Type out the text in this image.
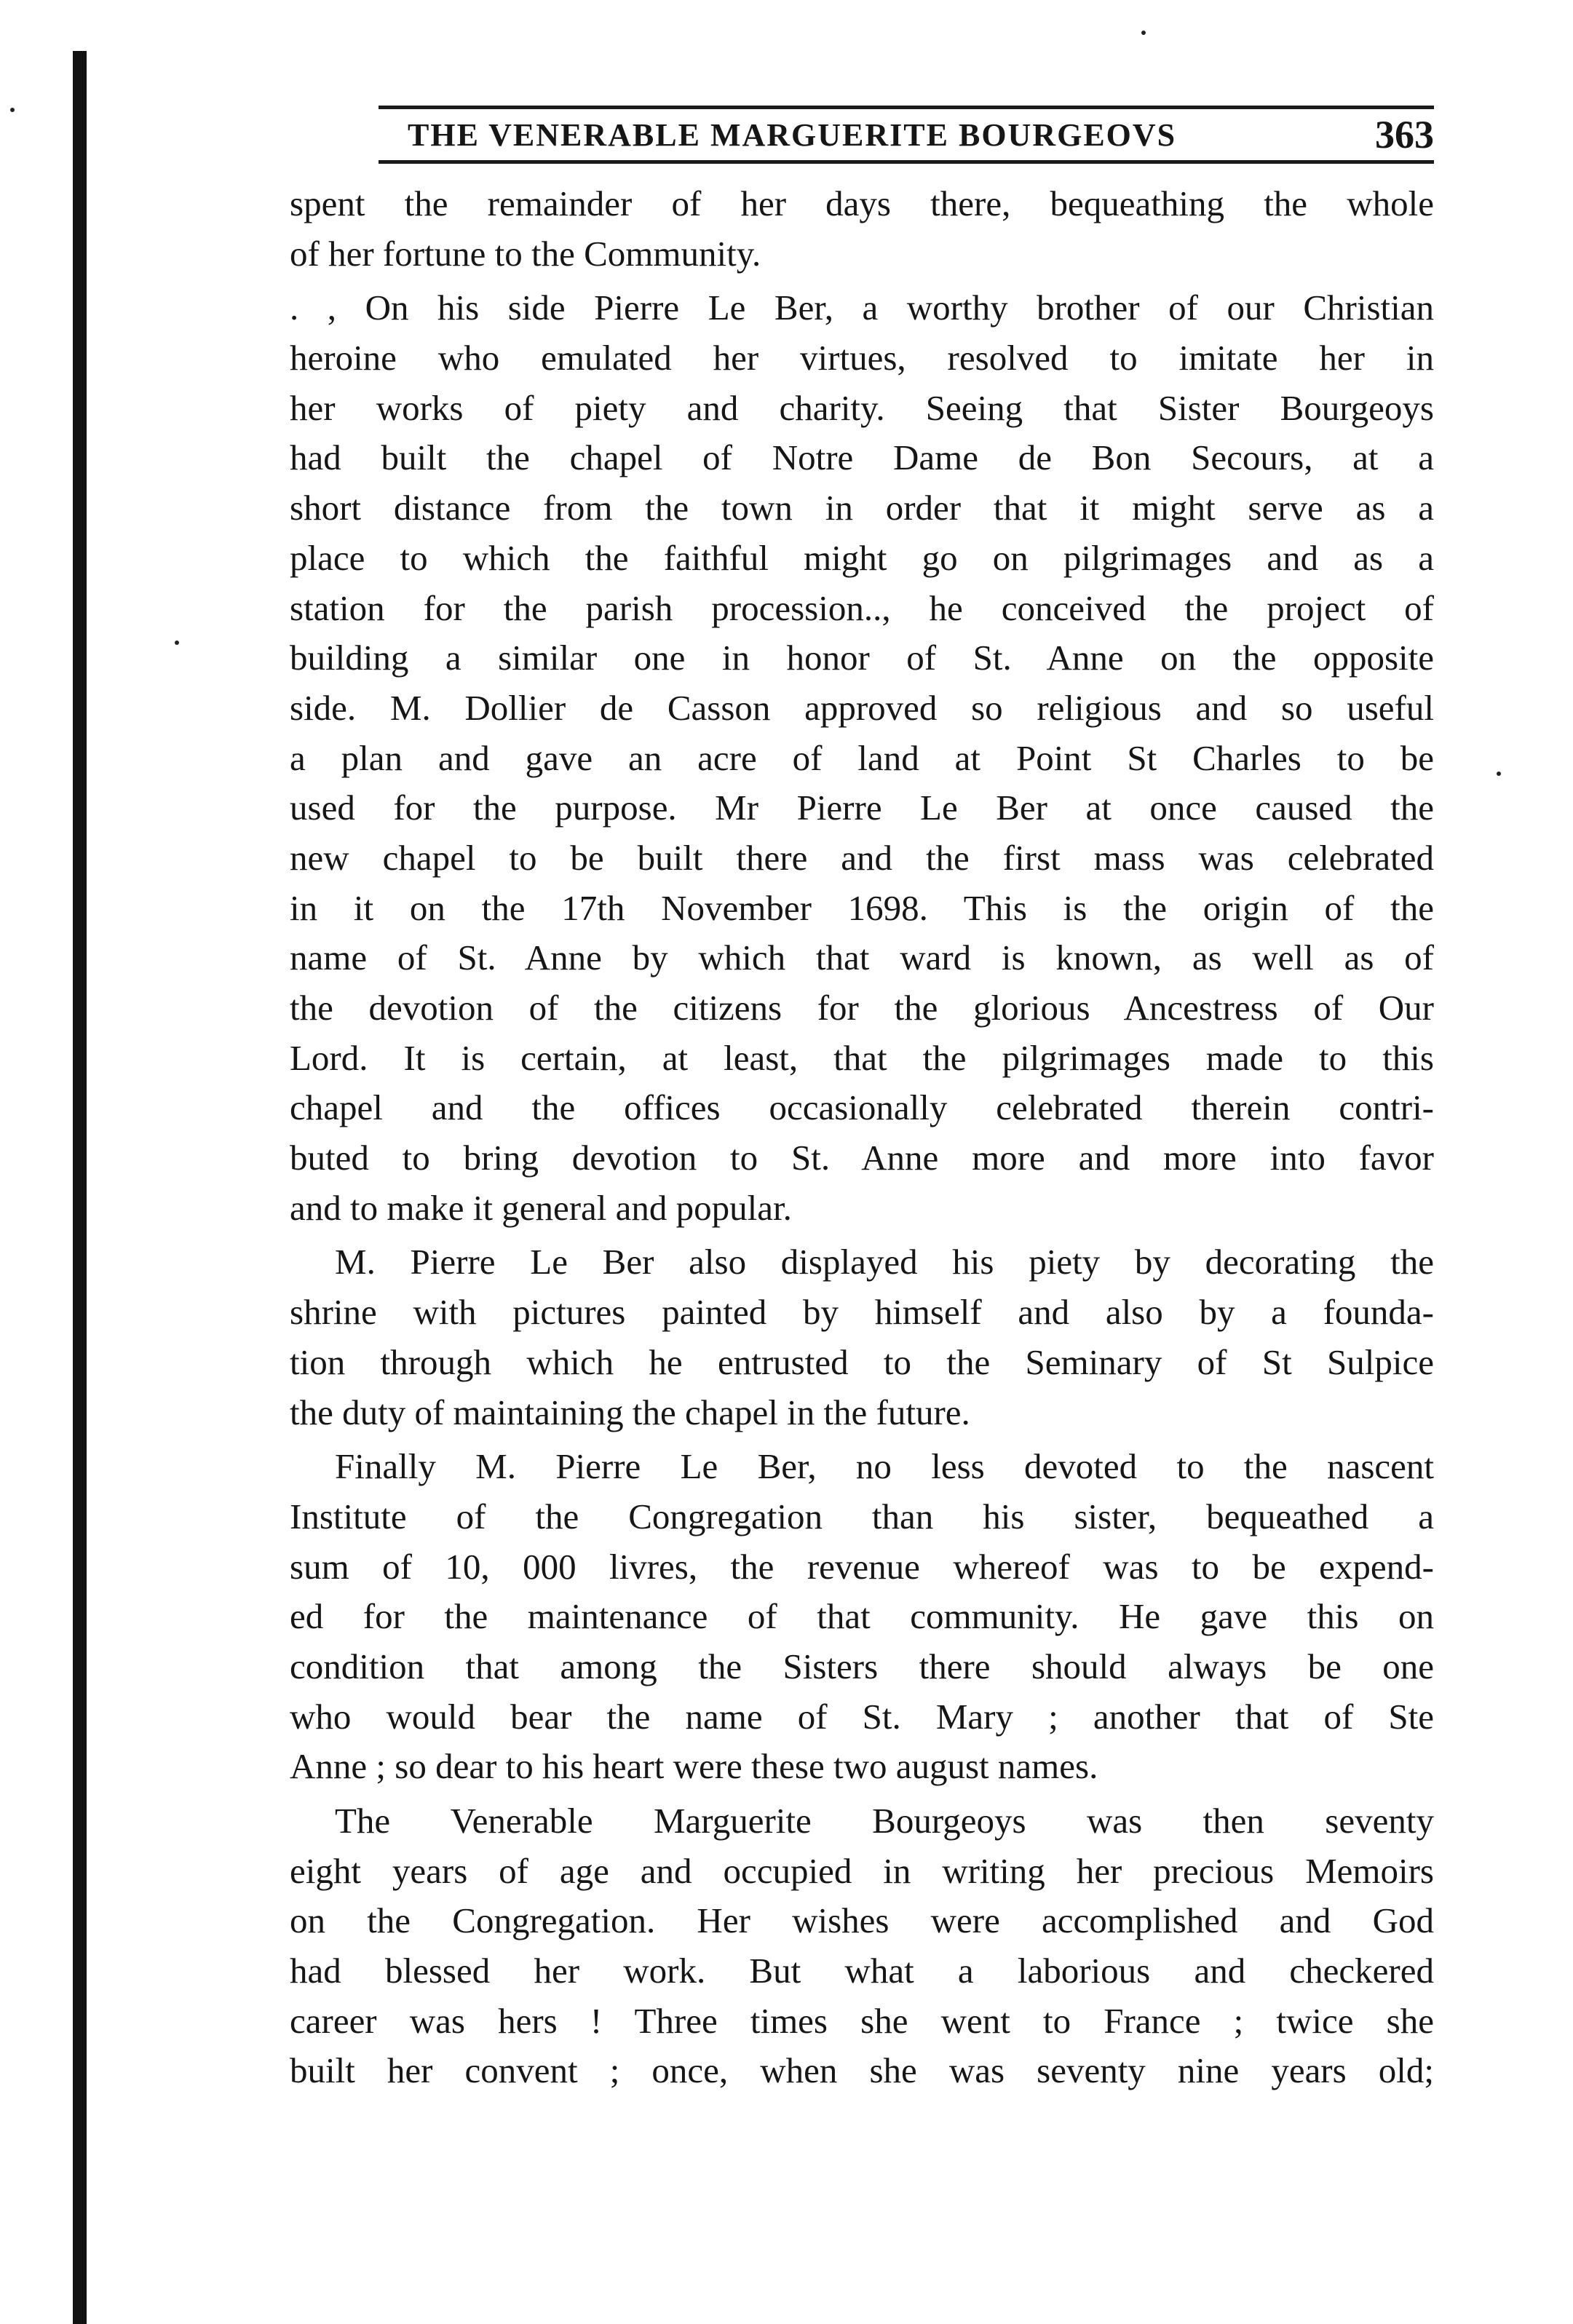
THE VENERABLE MARGUERITE BOURGEOVS	363
spent the remainder of her days there, bequeathing the whole
of her fortune to the Community.
. , On his side Pierre Le Ber, a worthy brother of our Christian
heroine who emulated her virtues, resolved to imitate her in
her works of piety and charity. Seeing that Sister Bourgeoys
had built the chapel of Notre Dame de Bon Secours, at a
short distance from the town in order that it might serve as a
place to which the faithful might go on pilgrimages and as a
station for the parish procession.., he conceived the project of
building a similar one in honor of St. Anne on the opposite
side. M. Dollier de Casson approved so religious and so useful
a plan and gave an acre of land at Point St Charles to be
used for the purpose. Mr Pierre Le Ber at once caused the
new chapel to be built there and the first mass was celebrated
in it on the 17th November 1698. This is the origin of the
name of St. Anne by which that ward is known, as well as of
the devotion of the citizens for the glorious Ancestress of Our
Lord. It is certain, at least, that the pilgrimages made to this
chapel and the offices occasionally celebrated therein contri-
buted to bring devotion to St. Anne more and more into favor
and to make it general and popular.
M. Pierre Le Ber also displayed his piety by decorating the
shrine with pictures painted by himself and also by a founda-
tion through which he entrusted to the Seminary of St Sulpice
the duty of maintaining the chapel in the future.
Finally M. Pierre Le Ber, no less devoted to the nascent
Institute of the Congregation than his sister, bequeathed a
sum of 10, 000 livres, the revenue whereof was to be expend-
ed for the maintenance of that community. He gave this on
condition that among the Sisters there should always be one
who would bear the name of St. Mary ; another that of Ste
Anne ; so dear to his heart were these two august names.
The Venerable Marguerite Bourgeoys was then seventy
eight years of age and occupied in writing her precious Memoirs
on the Congregation. Her wishes were accomplished and God
had blessed her work. But what a laborious and checkered
career was hers ! Three times she went to France ; twice she
built her convent ; once, when she was seventy nine years old;
